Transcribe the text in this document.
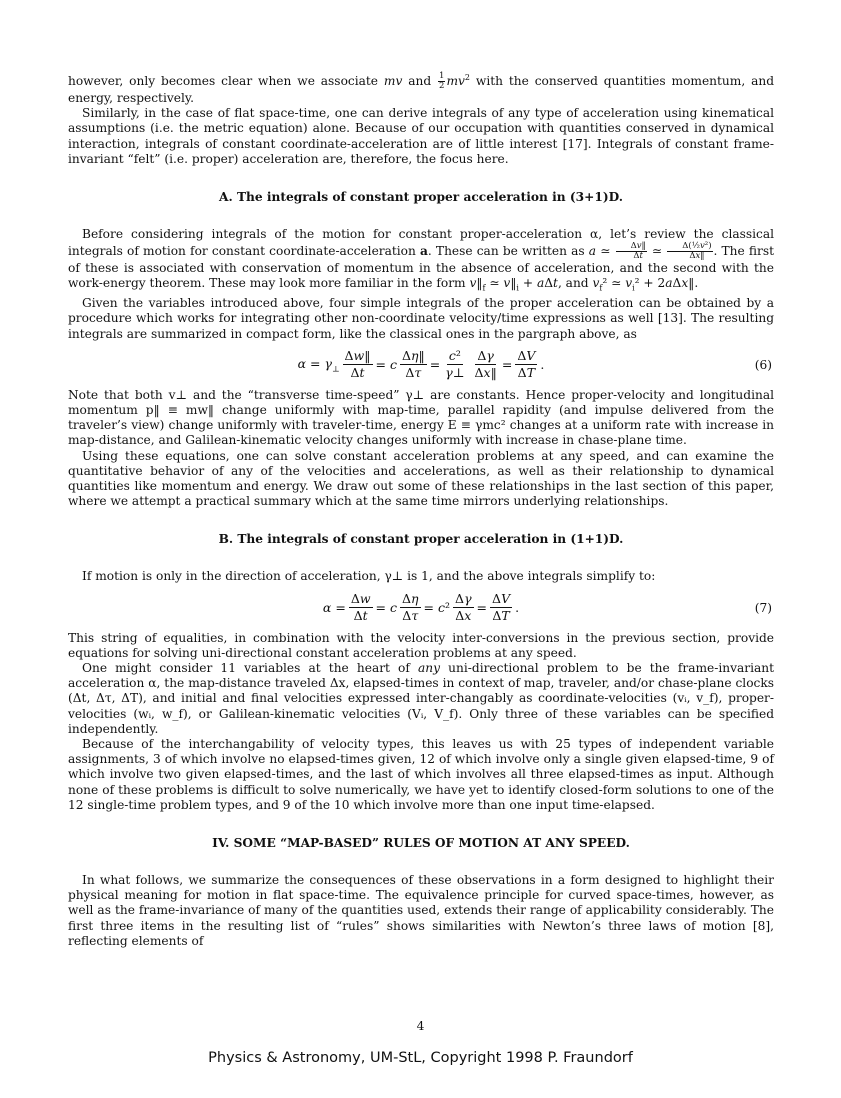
however, only becomes clear when we associate mv and $\frac{1}{2} mv^2$ with the conserved quantities momentum, and energy, respectively.

Similarly, in the case of flat space-time, one can derive integrals of any type of acceleration using kinematical assumptions (i.e. the metric equation) alone. Because of our occupation with quantities conserved in dynamical interaction, integrals of constant coordinate-acceleration are of little interest [17]. Integrals of constant frame-invariant “felt” (i.e. proper) acceleration are, therefore, the focus here.

A. The integrals of constant proper acceleration in (3+1)D.

Before considering integrals of the motion for constant proper-acceleration α, let’s review the classical integrals of motion for constant coordinate-acceleration a. These can be written as a ≃ $\frac{\Delta v‖}{\Delta t}$ ≃ $\frac{\text{Δ(½v²)}}{\Delta x‖}$ . The first of these is associated with conservation of momentum in the absence of acceleration, and the second with the work-energy theorem. These may look more familiar in the form $v‖_f$ ≃ $v‖_i + a\Delta t$, and $v_f^2$ ≃ $v_i^2$ + 2aΔx‖.

Given the variables introduced above, four simple integrals of the proper acceleration can be obtained by a procedure which works for integrating other non-coordinate velocity/time expressions as well [13]. The resulting integrals are summarized in compact form, like the classical ones in the pargraph above, as

$\alpha = \gamma_\perp \frac{\Delta w‖}{\Delta t} = c \frac{\Delta\eta‖}{\Delta\tau} = \frac{\text{c²}}{\gamma\perp} \frac{\Delta\gamma}{\Delta x‖} = \frac{\Delta V}{\Delta T}$ .	(6)

Note that both v⊥ and the “transverse time-speed” γ⊥ are constants. Hence proper-velocity and longitudinal momentum p‖ ≡ mw‖ change uniformly with map-time, parallel rapidity (and impulse delivered from the traveler’s view) change uniformly with traveler-time, energy E ≡ γmc² changes at a uniform rate with increase in map-distance, and Galilean-kinematic velocity changes uniformly with increase in chase-plane time.

Using these equations, one can solve constant acceleration problems at any speed, and can examine the quantitative behavior of any of the velocities and accelerations, as well as their relationship to dynamical quantities like momentum and energy. We draw out some of these relationships in the last section of this paper, where we attempt a practical summary which at the same time mirrors underlying relationships.

B. The integrals of constant proper acceleration in (1+1)D.

If motion is only in the direction of acceleration, γ⊥ is 1, and the above integrals simplify to:

$\alpha = \frac{\Delta w}{\Delta t} = c \frac{\Delta\eta}{\Delta\tau} = c^2 \frac{\Delta\gamma}{\Delta x} = \frac{\Delta V}{\Delta T}$ .	(7)

This string of equalities, in combination with the velocity inter-conversions in the previous section, provide equations for solving uni-directional constant acceleration problems at any speed.

One might consider 11 variables at the heart of any uni-directional problem to be the frame-invariant acceleration α, the map-distance traveled Δx, elapsed-times in context of map, traveler, and/or chase-plane clocks (Δt, Δτ, ΔT), and initial and final velocities expressed inter-changably as coordinate-velocities (vᵢ, v_f), proper-velocities (wᵢ, w_f), or Galilean-kinematic velocities (Vᵢ, V_f). Only three of these variables can be specified independently.

Because of the interchangability of velocity types, this leaves us with 25 types of independent variable assignments, 3 of which involve no elapsed-times given, 12 of which involve only a single given elapsed-time, 9 of which involve two given elapsed-times, and the last of which involves all three elapsed-times as input. Although none of these problems is difficult to solve numerically, we have yet to identify closed-form solutions to one of the 12 single-time problem types, and 9 of the 10 which involve more than one input time-elapsed.

IV. SOME “MAP-BASED” RULES OF MOTION AT ANY SPEED.

In what follows, we summarize the consequences of these observations in a form designed to highlight their physical meaning for motion in flat space-time. The equivalence principle for curved space-times, however, as well as the frame-invariance of many of the quantities used, extends their range of applicability considerably. The first three items in the resulting list of “rules” shows similarities with Newton’s three laws of motion [8], reflecting elements of

4
Physics & Astronomy, UM-StL, Copyright 1998 P. Fraundorf
